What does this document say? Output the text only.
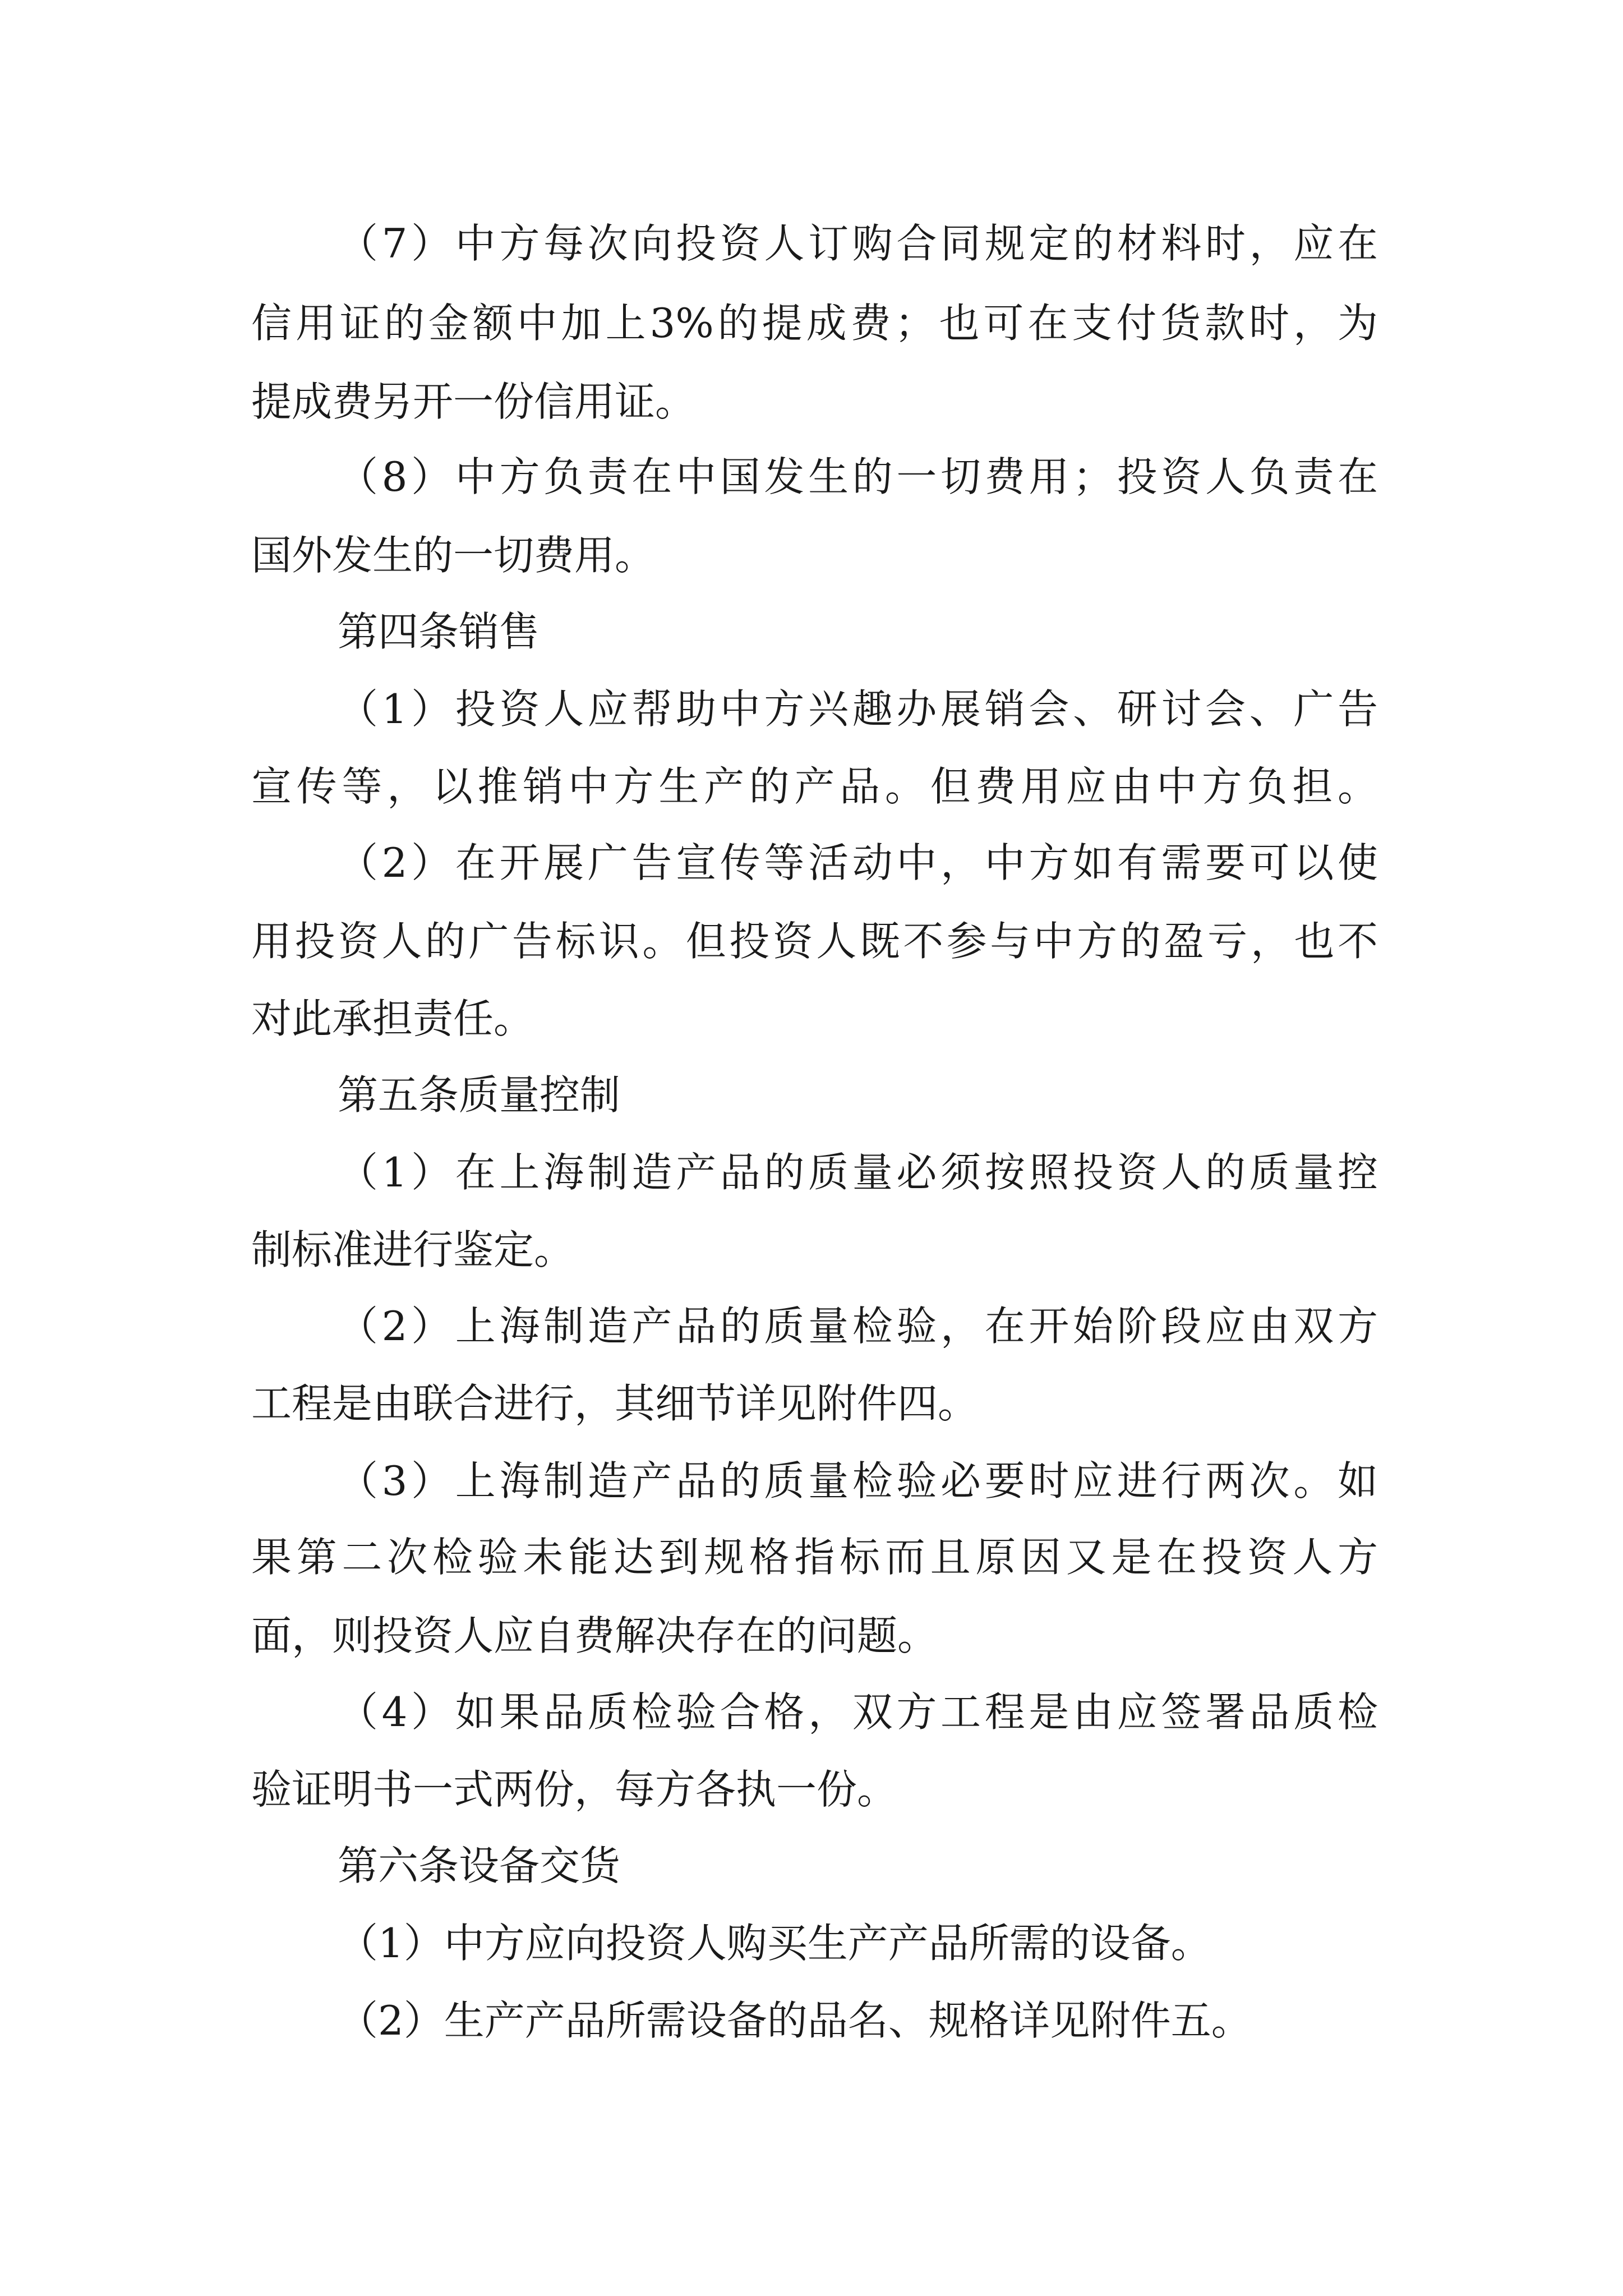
（7）中方每次向投资人订购合同规定的材料时，应在
信用证的金额中加上3%的提成费；也可在支付货款时，为
提成费另开一份信用证。
（8）中方负责在中国发生的一切费用；投资人负责在
国外发生的一切费用。
第四条销售
（1）投资人应帮助中方兴趣办展销会、研讨会、广告
宣传等，以推销中方生产的产品。但费用应由中方负担。
（2）在开展广告宣传等活动中，中方如有需要可以使
用投资人的广告标识。但投资人既不参与中方的盈亏，也不
对此承担责任。
第五条质量控制
（1）在上海制造产品的质量必须按照投资人的质量控
制标准进行鉴定。
（2）上海制造产品的质量检验，在开始阶段应由双方
工程是由联合进行，其细节详见附件四。
（3）上海制造产品的质量检验必要时应进行两次。如
果第二次检验未能达到规格指标而且原因又是在投资人方
面，则投资人应自费解决存在的问题。
（4）如果品质检验合格，双方工程是由应签署品质检
验证明书一式两份，每方各执一份。
第六条设备交货
（1）中方应向投资人购买生产产品所需的设备。
（2）生产产品所需设备的品名、规格详见附件五。
